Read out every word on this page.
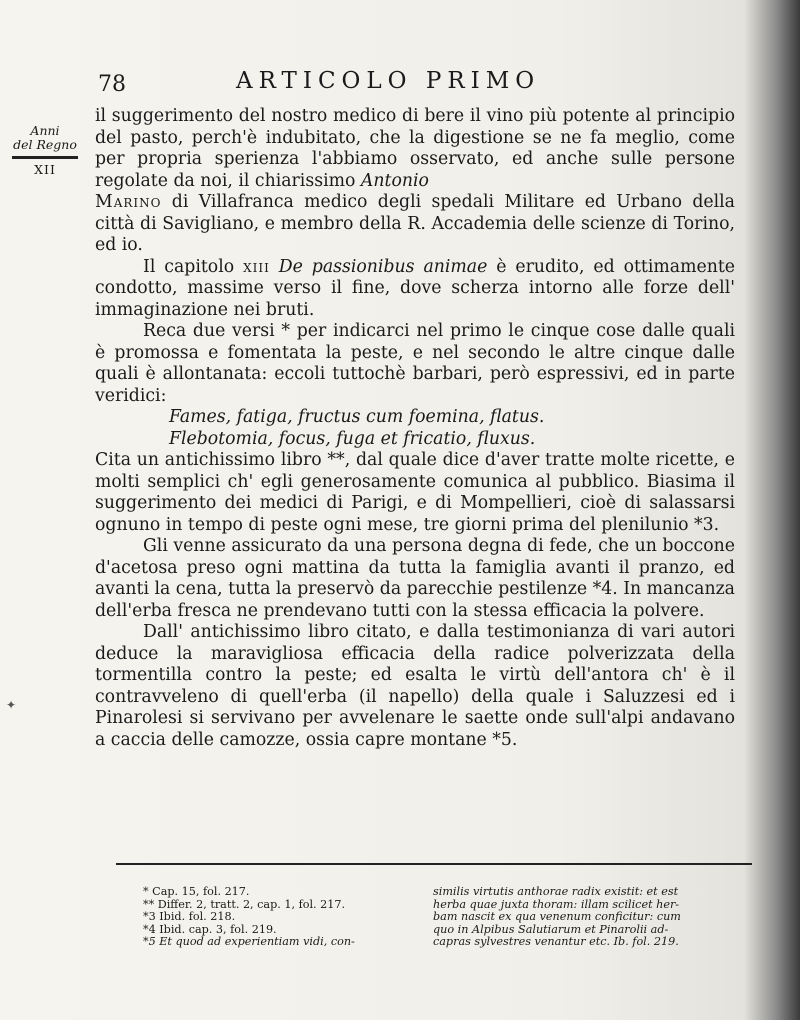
78	ARTICOLO PRIMO
Anni
del Regno
XII
✦

il suggerimento del nostro medico di bere il vino più potente al principio del pasto, perch'è indubitato, che la digestione se ne fa meglio, come per propria sperienza l'abbiamo osservato, ed anche sulle persone regolate da noi, il chiarissimo Antonio
Marino di Villafranca medico degli spedali Militare ed Urbano della città di Savigliano, e membro della R. Accademia delle scienze di Torino, ed io.

Il capitolo xiii De passionibus animae è erudito, ed ottimamente condotto, massime verso il fine, dove scherza intorno alle forze dell' immaginazione nei bruti.

Reca due versi * per indicarci nel primo le cinque cose dalle quali è promossa e fomentata la peste, e nel secondo le altre cinque dalle quali è allontanata: eccoli tuttochè barbari, però espressivi, ed in parte veridici:

Fames, fatiga, fructus cum foemina, flatus.

Flebotomia, focus, fuga et fricatio, fluxus.

Cita un antichissimo libro **, dal quale dice d'aver tratte molte ricette, e molti semplici ch' egli generosamente comunica al pubblico. Biasima il suggerimento dei medici di Parigi, e di Mompellieri, cioè di salassarsi ognuno in tempo di peste ogni mese, tre giorni prima del plenilunio *3.

Gli venne assicurato da una persona degna di fede, che un boccone d'acetosa preso ogni mattina da tutta la famiglia avanti il pranzo, ed avanti la cena, tutta la preservò da parecchie pestilenze *4. In mancanza dell'erba fresca ne prendevano tutti con la stessa efficacia la polvere.

Dall' antichissimo libro citato, e dalla testimonianza di vari autori deduce la maravigliosa efficacia della radice polverizzata della tormentilla contro la peste; ed esalta le virtù dell'antora ch' è il contravveleno di quell'erba (il napello) della quale i Saluzzesi ed i Pinarolesi si servivano per avvelenare le saette onde sull'alpi andavano a caccia delle camozze, ossia capre montane *5.

* Cap. 15, fol. 217.
** Differ. 2, tratt. 2, cap. 1, fol. 217.
*3 Ibid. fol. 218.
*4 Ibid. cap. 3, fol. 219.
*5 Et quod ad experientiam vidi, con-
similis virtutis anthorae radix existit: et est
herba quae juxta thoram: illam scilicet her-
bam nascit ex qua venenum conficitur: cum
quo in Alpibus Salutiarum et Pinarolii ad-
capras sylvestres venantur etc. Ib. fol. 219.
